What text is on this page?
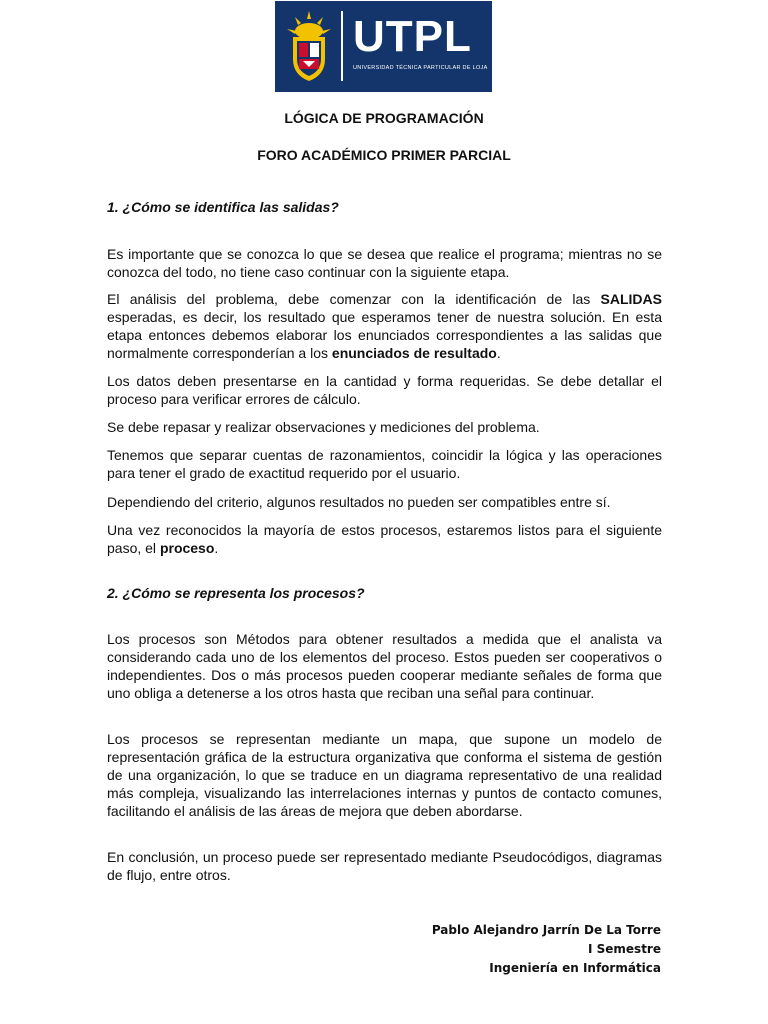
UTPL
UNIVERSIDAD TÉCNICA PARTICULAR DE LOJA
LÓGICA DE PROGRAMACIÓN
FORO ACADÉMICO PRIMER PARCIAL
1. ¿Cómo se identifica las salidas?
Es importante que se conozca lo que se desea que realice el programa; mientras no se conozca del todo, no tiene caso continuar con la siguiente etapa.
El análisis del problema, debe comenzar con la identificación de las SALIDAS esperadas, es decir, los resultado que esperamos tener de nuestra solución. En esta etapa entonces debemos elaborar los enunciados correspondientes a las salidas que normalmente corresponderían a los enunciados de resultado.
Los datos deben presentarse en la cantidad y forma requeridas. Se debe detallar el proceso para verificar errores de cálculo.
Se debe repasar y realizar observaciones y mediciones del problema.
Tenemos que separar cuentas de razonamientos, coincidir la lógica y las operaciones para tener el grado de exactitud requerido por el usuario.
Dependiendo del criterio, algunos resultados no pueden ser compatibles entre sí.
Una vez reconocidos la mayoría de estos procesos, estaremos listos para el siguiente paso, el proceso.
2. ¿Cómo se representa los procesos?
Los procesos son Métodos para obtener resultados a medida que el analista va considerando cada uno de los elementos del proceso. Estos pueden ser cooperativos o independientes. Dos o más procesos pueden cooperar mediante señales de forma que uno obliga a detenerse a los otros hasta que reciban una señal para continuar.
Los procesos se representan mediante un mapa, que supone un modelo de representación gráfica de la estructura organizativa que conforma el sistema de gestión de una organización, lo que se traduce en un diagrama representativo de una realidad más compleja, visualizando las interrelaciones internas y puntos de contacto comunes, facilitando el análisis de las áreas de mejora que deben abordarse.
En conclusión, un proceso puede ser representado mediante Pseudocódigos, diagramas de flujo, entre otros.
Pablo Alejandro Jarrín De La Torre
I Semestre
Ingeniería en Informática
